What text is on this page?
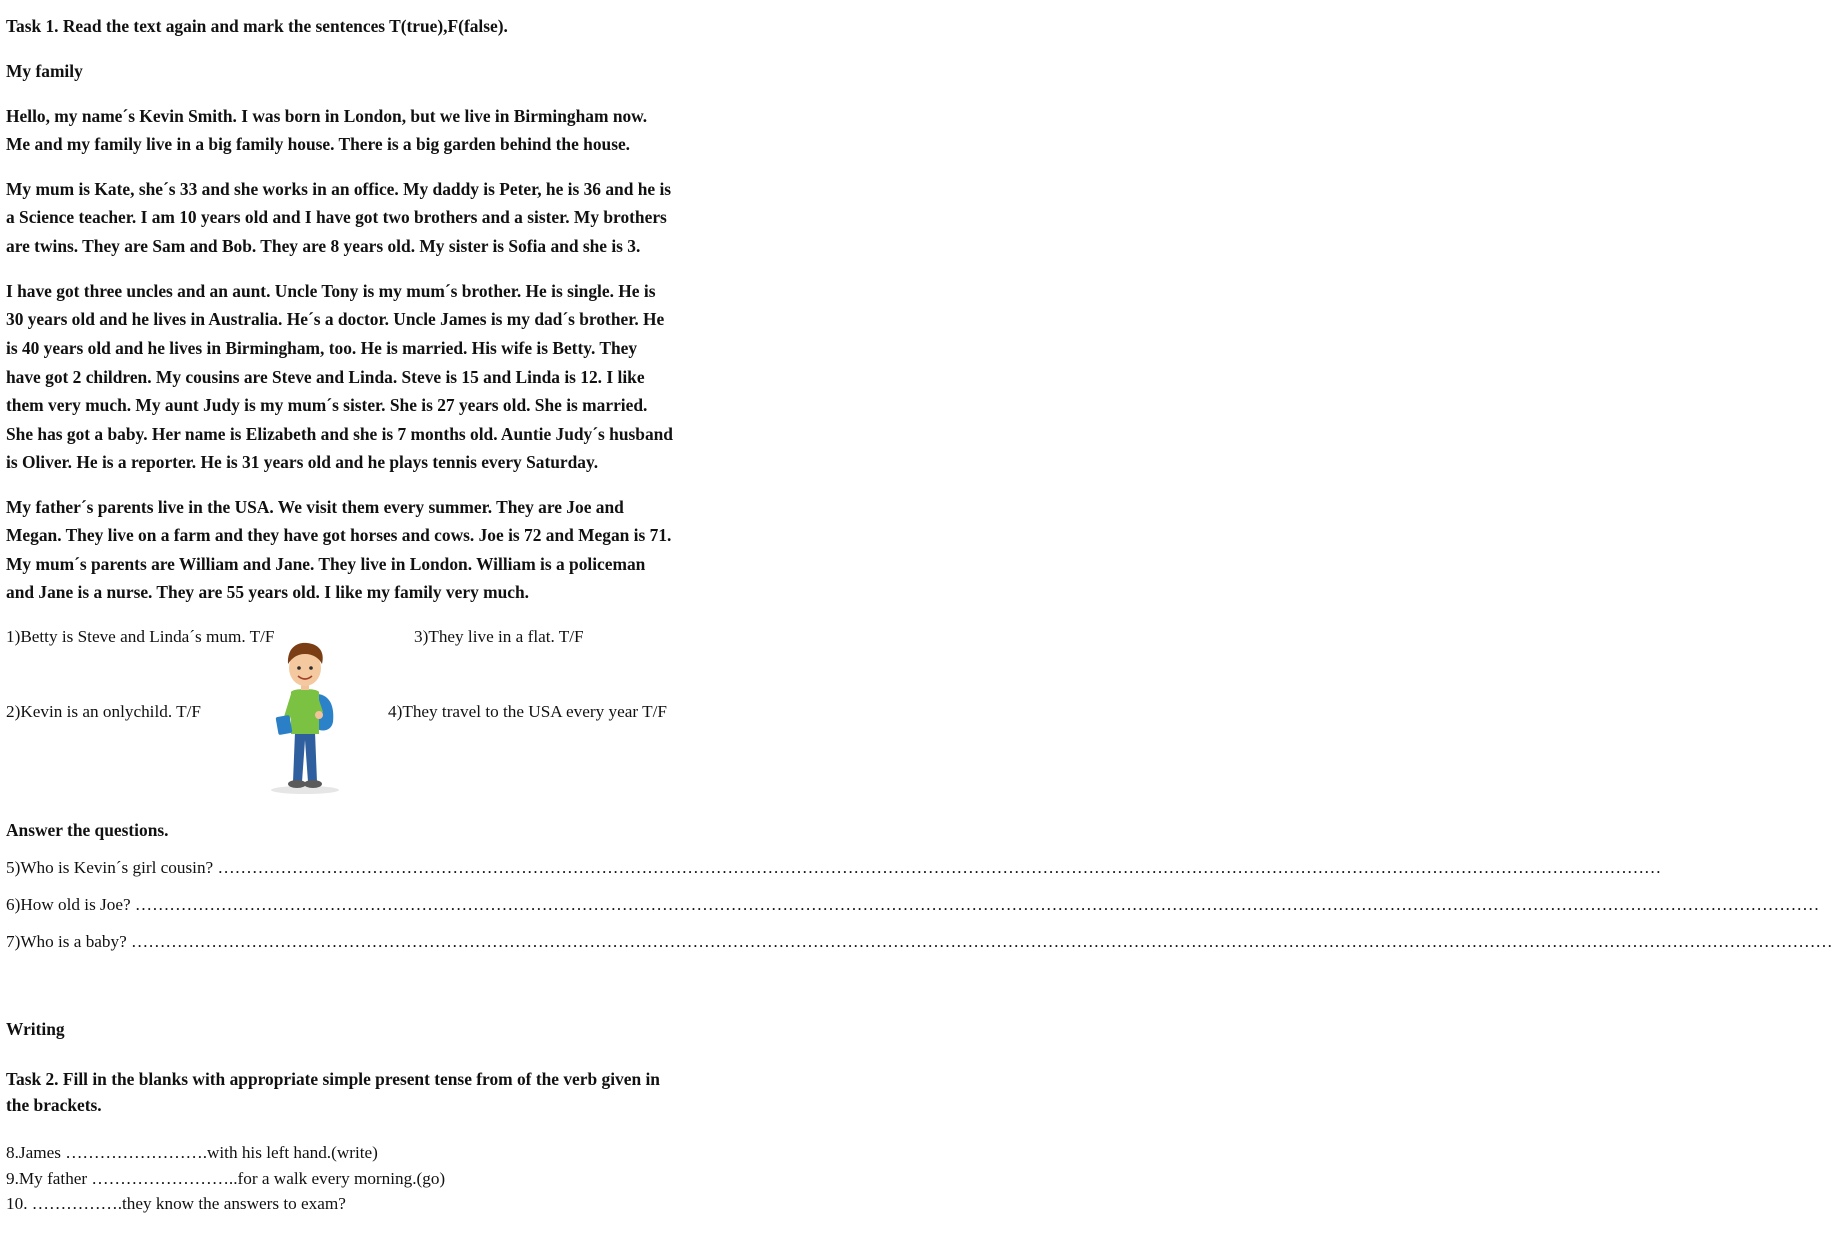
Task 1. Read the text again and mark the sentences T(true),F(false).
My family
Hello, my name´s Kevin Smith. I was born in London, but we live in Birmingham now.
Me and my family live in a big family house. There is a big garden behind the house.
My mum is Kate, she´s 33 and she works in an office. My daddy is Peter, he is 36 and he is
a Science teacher. I am 10 years old and I have got two brothers and a sister. My brothers
are twins. They are Sam and Bob. They are 8 years old. My sister is Sofia and she is 3.
I have got three uncles and an aunt. Uncle Tony is my mum´s brother. He is single. He is
30 years old and he lives in Australia. He´s a doctor. Uncle James is my dad´s brother. He
is 40 years old and he lives in Birmingham, too. He is married. His wife is Betty. They
have got 2 children. My cousins are Steve and Linda. Steve is 15 and Linda is 12. I like
them very much. My aunt Judy is my mum´s sister. She is 27 years old. She is married.
She has got a baby. Her name is Elizabeth and she is 7 months old. Auntie Judy´s husband
is Oliver. He is a reporter. He is 31 years old and he plays tennis every Saturday.
My father´s parents live in the USA. We visit them every summer. They are Joe and
Megan. They live on a farm and they have got horses and cows. Joe is 72 and Megan is 71.
My mum´s parents are William and Jane. They live in London. William is a policeman
and Jane is a nurse. They are 55 years old. I like my family very much.
1)Betty is Steve and Linda´s mum. T/F	3)They live in a flat. T/F
2)Kevin is an onlychild. T/F	4)They travel to the USA every year T/F
Answer the questions.
5)Who is Kevin´s girl cousin? ………………………………………………………………………………………………………………………………………………………………………………………………………………………………
6)How old is Joe? ……………………………………………………………………………………………………………………………………………………………………………………………………………………………………………………………………
7)Who is a baby? ………………………………………………………………………………………………………………………………………………………………………………………………………………………………………………………………………
Writing
Task 2. Fill in the blanks with appropriate simple present tense from of the verb given in
the brackets.
8.James …………………….with his left hand.(write)
9.My father ……………………..for a walk every morning.(go)
10. …………….they know the answers to exam?
